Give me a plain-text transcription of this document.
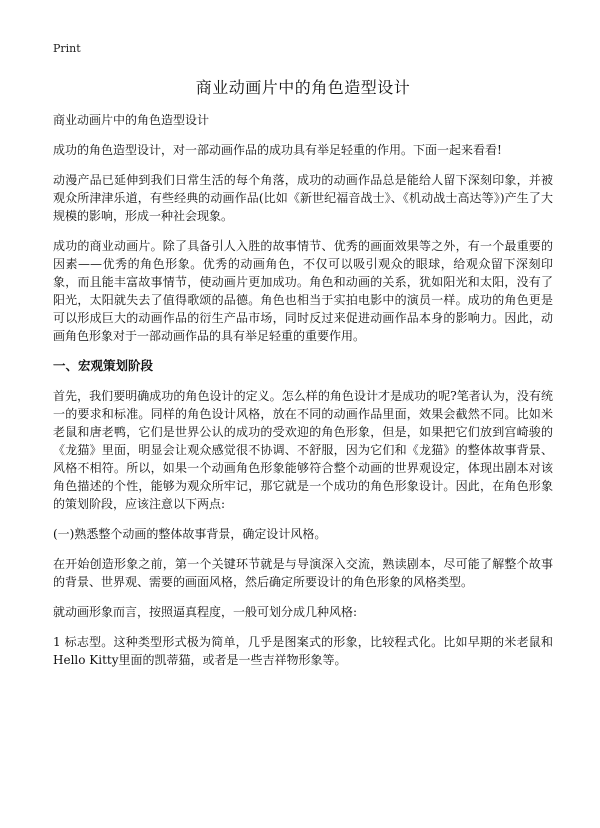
Print

商业动画片中的角色造型设计

商业动画片中的角色造型设计

成功的角色造型设计，对一部动画作品的成功具有举足轻重的作用。下面一起来看看!

动漫产品已延伸到我们日常生活的每个角落，成功的动画作品总是能给人留下深刻印象，并被观众所津津乐道，有些经典的动画作品(比如《新世纪福音战士》、《机动战士高达等》)产生了大规模的影响，形成一种社会现象。

成功的商业动画片。除了具备引人入胜的故事情节、优秀的画面效果等之外，有一个最重要的因素——优秀的角色形象。优秀的动画角色，不仅可以吸引观众的眼球，给观众留下深刻印象，而且能丰富故事情节，使动画片更加成功。角色和动画的关系，犹如阳光和太阳，没有了阳光，太阳就失去了值得歌颂的品德。角色也相当于实拍电影中的演员一样。成功的角色更是可以形成巨大的动画作品的衍生产品市场，同时反过来促进动画作品本身的影响力。因此，动画角色形象对于一部动画作品的具有举足轻重的重要作用。

一、宏观策划阶段

首先，我们要明确成功的角色设计的定义。怎么样的角色设计才是成功的呢?笔者认为，没有统一的要求和标准。同样的角色设计风格，放在不同的动画作品里面，效果会截然不同。比如米老鼠和唐老鸭，它们是世界公认的成功的受欢迎的角色形象，但是，如果把它们放到宫崎骏的《龙猫》里面，明显会让观众感觉很不协调、不舒服，因为它们和《龙猫》的整体故事背景、风格不相符。所以，如果一个动画角色形象能够符合整个动画的世界观设定，体现出剧本对该角色描述的个性，能够为观众所牢记，那它就是一个成功的角色形象设计。因此，在角色形象的策划阶段，应该注意以下两点:

(一)熟悉整个动画的整体故事背景，确定设计风格。

在开始创造形象之前，第一个关键环节就是与导演深入交流，熟读剧本，尽可能了解整个故事的背景、世界观、需要的画面风格，然后确定所要设计的角色形象的风格类型。

就动画形象而言，按照逼真程度，一般可划分成几种风格:

1 标志型。这种类型形式极为简单，几乎是图案式的形象，比较程式化。比如早期的米老鼠和Hello Kitty里面的凯蒂猫，或者是一些吉祥物形象等。
